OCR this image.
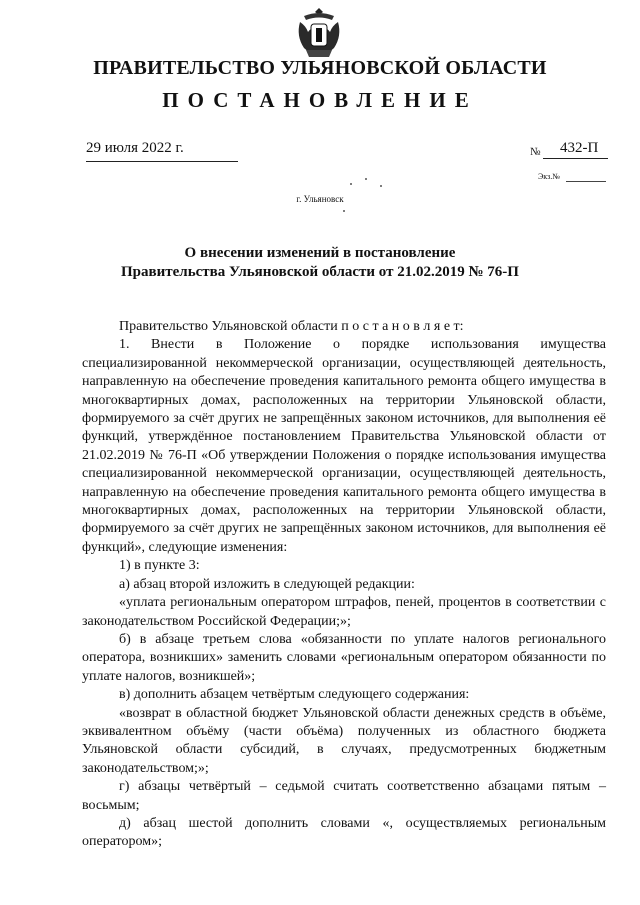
ПРАВИТЕЛЬСТВО УЛЬЯНОВСКОЙ ОБЛАСТИ
ПОСТАНОВЛЕНИЕ
29 июля 2022 г.	№ 432-П
Экз.№
г. Ульяновск
О внесении изменений в постановление
Правительства Ульяновской области от 21.02.2019 № 76-П

Правительство Ульяновской области п о с т а н о в л я е т:

1. Внести в Положение о порядке использования имущества специализированной некоммерческой организации, осуществляющей деятельность, направленную на обеспечение проведения капитального ремонта общего имущества в многоквартирных домах, расположенных на территории Ульяновской области, формируемого за счёт других не запрещённых законом источников, для выполнения её функций, утверждённое постановлением Правительства Ульяновской области от 21.02.2019 № 76-П «Об утверждении Положения о порядке использования имущества специализированной некоммерческой организации, осуществляющей деятельность, направленную на обеспечение проведения капитального ремонта общего имущества в многоквартирных домах, расположенных на территории Ульяновской области, формируемого за счёт других не запрещённых законом источников, для выполнения её функций», следующие изменения:

1) в пункте 3:

а) абзац второй изложить в следующей редакции:

«уплата региональным оператором штрафов, пеней, процентов в соответствии с законодательством Российской Федерации;»;

б) в абзаце третьем слова «обязанности по уплате налогов регионального оператора, возникших» заменить словами «региональным оператором обязанности по уплате налогов, возникшей»;

в) дополнить абзацем четвёртым следующего содержания:

«возврат в областной бюджет Ульяновской области денежных средств в объёме, эквивалентном объёму (части объёма) полученных из областного бюджета Ульяновской области субсидий, в случаях, предусмотренных бюджетным законодательством;»;

г) абзацы четвёртый – седьмой считать соответственно абзацами пятым – восьмым;

д) абзац шестой дополнить словами «, осуществляемых региональным оператором»;
